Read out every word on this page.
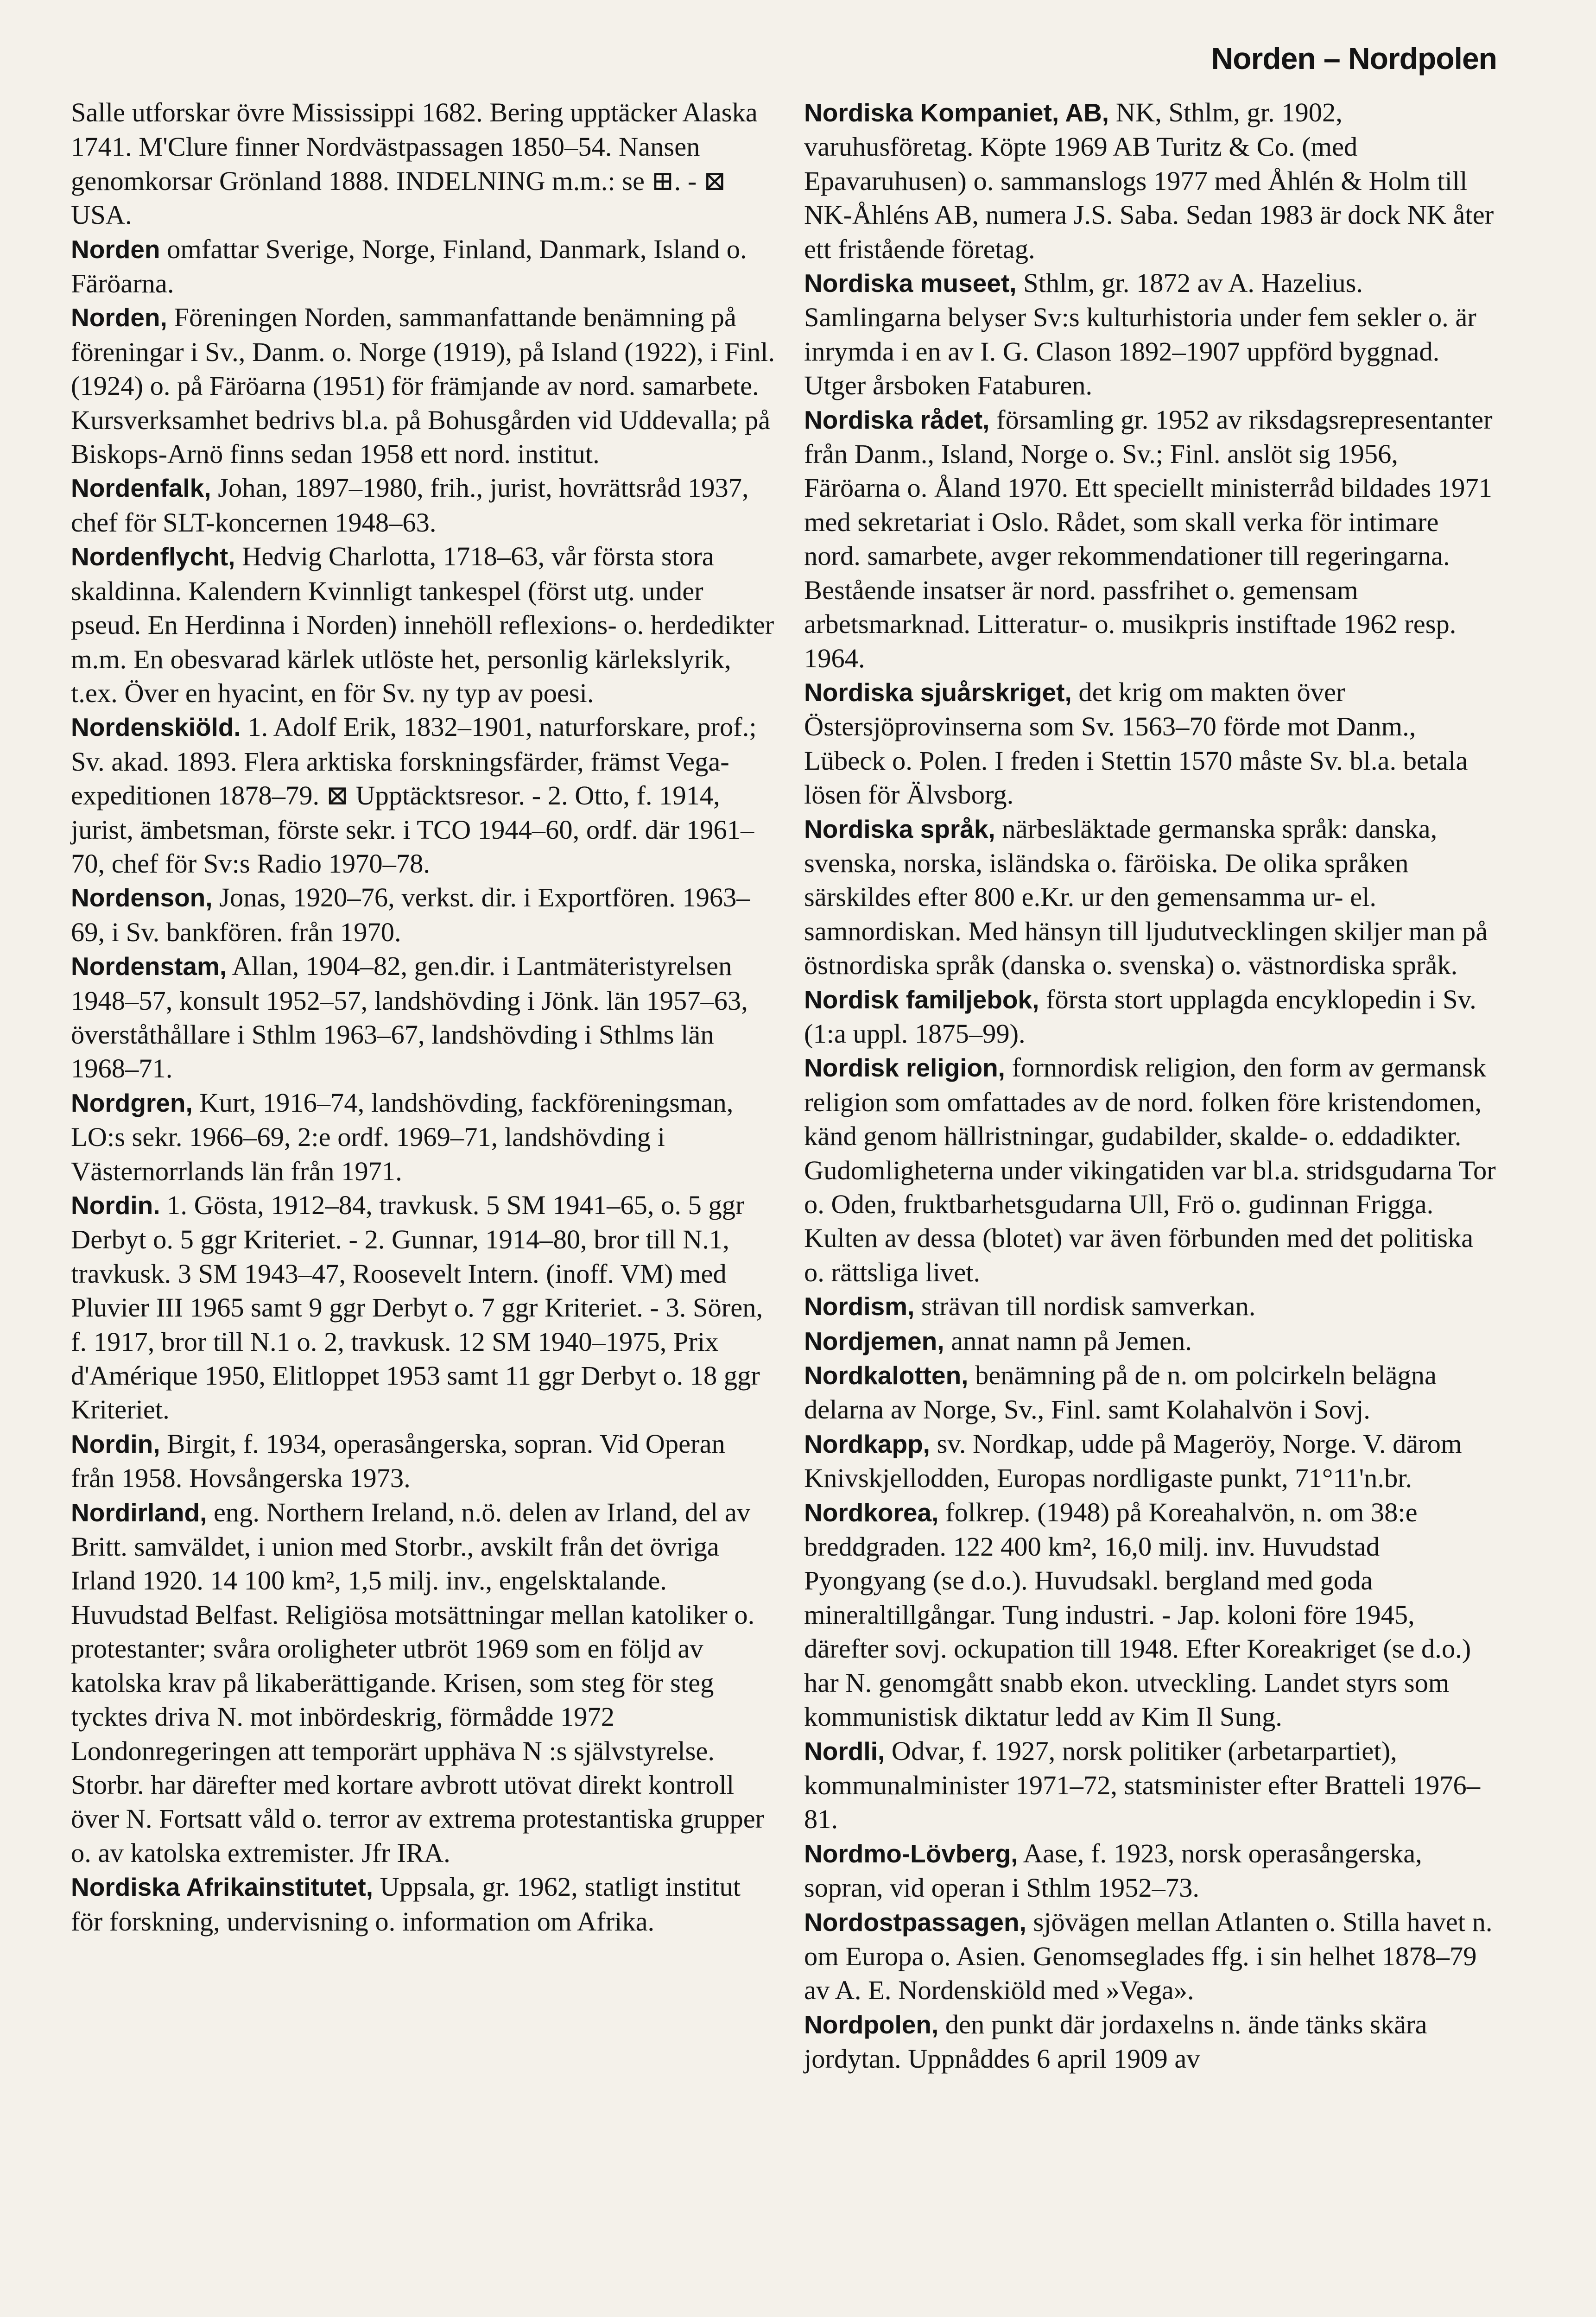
Norden – Nordpolen

Salle utforskar övre Mississippi 1682. Bering upptäcker Alaska 1741. M'Clure finner Nordvästpassagen 1850–54. Nansen genomkorsar Grönland 1888. INDELNING m.m.: se ⊞. - ⊠ USA.

Norden omfattar Sverige, Norge, Finland, Danmark, Island o. Färöarna.

Norden, Föreningen Norden, sammanfattande benämning på föreningar i Sv., Danm. o. Norge (1919), på Island (1922), i Finl. (1924) o. på Färöarna (1951) för främjande av nord. samarbete. Kursverksamhet bedrivs bl.a. på Bohusgården vid Uddevalla; på Biskops-Arnö finns sedan 1958 ett nord. institut.

Nordenfalk, Johan, 1897–1980, frih., jurist, hovrättsråd 1937, chef för SLT-koncernen 1948–63.

Nordenflycht, Hedvig Charlotta, 1718–63, vår första stora skaldinna. Kalendern Kvinnligt tankespel (först utg. under pseud. En Herdinna i Norden) innehöll reflexions- o. herdedikter m.m. En obesvarad kärlek utlöste het, personlig kärlekslyrik, t.ex. Över en hyacint, en för Sv. ny typ av poesi.

Nordenskiöld. 1. Adolf Erik, 1832–1901, naturforskare, prof.; Sv. akad. 1893. Flera arktiska forskningsfärder, främst Vega-expeditionen 1878–79. ⊠ Upptäcktsresor. - 2. Otto, f. 1914, jurist, ämbetsman, förste sekr. i TCO 1944–60, ordf. där 1961–70, chef för Sv:s Radio 1970–78.

Nordenson, Jonas, 1920–76, verkst. dir. i Exportfören. 1963–69, i Sv. bankfören. från 1970.

Nordenstam, Allan, 1904–82, gen.dir. i Lantmäteristyrelsen 1948–57, konsult 1952–57, landshövding i Jönk. län 1957–63, överståthållare i Sthlm 1963–67, landshövding i Sthlms län 1968–71.

Nordgren, Kurt, 1916–74, landshövding, fackföreningsman, LO:s sekr. 1966–69, 2:e ordf. 1969–71, landshövding i Västernorrlands län från 1971.

Nordin. 1. Gösta, 1912–84, travkusk. 5 SM 1941–65, o. 5 ggr Derbyt o. 5 ggr Kriteriet. - 2. Gunnar, 1914–80, bror till N.1, travkusk. 3 SM 1943–47, Roosevelt Intern. (inoff. VM) med Pluvier III 1965 samt 9 ggr Derbyt o. 7 ggr Kriteriet. - 3. Sören, f. 1917, bror till N.1 o. 2, travkusk. 12 SM 1940–1975, Prix d'Amérique 1950, Elitloppet 1953 samt 11 ggr Derbyt o. 18 ggr Kriteriet.

Nordin, Birgit, f. 1934, operasångerska, sopran. Vid Operan från 1958. Hovsångerska 1973.

Nordirland, eng. Northern Ireland, n.ö. delen av Irland, del av Britt. samväldet, i union med Storbr., avskilt från det övriga Irland 1920. 14 100 km², 1,5 milj. inv., engelsktalande. Huvudstad Belfast. Religiösa motsättningar mellan katoliker o. protestanter; svåra oroligheter utbröt 1969 som en följd av katolska krav på likaberättigande. Krisen, som steg för steg tycktes driva N. mot inbördeskrig, förmådde 1972 Londonregeringen att temporärt upphäva N :s självstyrelse. Storbr. har därefter med kortare avbrott utövat direkt kontroll över N. Fortsatt våld o. terror av extrema protestantiska grupper o. av katolska extremister. Jfr IRA.

Nordiska Afrikainstitutet, Uppsala, gr. 1962, statligt institut för forskning, undervisning o. information om Afrika.

Nordiska Kompaniet, AB, NK, Sthlm, gr. 1902, varuhusföretag. Köpte 1969 AB Turitz & Co. (med Epavaruhusen) o. sammanslogs 1977 med Åhlén & Holm till NK-Åhléns AB, numera J.S. Saba. Sedan 1983 är dock NK åter ett fristående företag.

Nordiska museet, Sthlm, gr. 1872 av A. Hazelius. Samlingarna belyser Sv:s kulturhistoria under fem sekler o. är inrymda i en av I. G. Clason 1892–1907 uppförd byggnad. Utger årsboken Fataburen.

Nordiska rådet, församling gr. 1952 av riksdagsrepresentanter från Danm., Island, Norge o. Sv.; Finl. anslöt sig 1956, Färöarna o. Åland 1970. Ett speciellt ministerråd bildades 1971 med sekretariat i Oslo. Rådet, som skall verka för intimare nord. samarbete, avger rekommendationer till regeringarna. Bestående insatser är nord. passfrihet o. gemensam arbetsmarknad. Litteratur- o. musikpris instiftade 1962 resp. 1964.

Nordiska sjuårskriget, det krig om makten över Östersjöprovinserna som Sv. 1563–70 förde mot Danm., Lübeck o. Polen. I freden i Stettin 1570 måste Sv. bl.a. betala lösen för Älvsborg.

Nordiska språk, närbesläktade germanska språk: danska, svenska, norska, isländska o. färöiska. De olika språken särskildes efter 800 e.Kr. ur den gemensamma ur- el. samnordiskan. Med hänsyn till ljudutvecklingen skiljer man på östnordiska språk (danska o. svenska) o. västnordiska språk.

Nordisk familjebok, första stort upplagda encyklopedin i Sv. (1:a uppl. 1875–99).

Nordisk religion, fornnordisk religion, den form av germansk religion som omfattades av de nord. folken före kristendomen, känd genom hällristningar, gudabilder, skalde- o. eddadikter. Gudomligheterna under vikingatiden var bl.a. stridsgudarna Tor o. Oden, fruktbarhetsgudarna Ull, Frö o. gudinnan Frigga. Kulten av dessa (blotet) var även förbunden med det politiska o. rättsliga livet.

Nordism, strävan till nordisk samverkan.

Nordjemen, annat namn på Jemen.

Nordkalotten, benämning på de n. om polcirkeln belägna delarna av Norge, Sv., Finl. samt Kolahalvön i Sovj.

Nordkapp, sv. Nordkap, udde på Mageröy, Norge. V. därom Knivskjellodden, Europas nordligaste punkt, 71°11'n.br.

Nordkorea, folkrep. (1948) på Koreahalvön, n. om 38:e breddgraden. 122 400 km², 16,0 milj. inv. Huvudstad Pyongyang (se d.o.). Huvudsakl. bergland med goda mineraltillgångar. Tung industri. - Jap. koloni före 1945, därefter sovj. ockupation till 1948. Efter Koreakriget (se d.o.) har N. genomgått snabb ekon. utveckling. Landet styrs som kommunistisk diktatur ledd av Kim Il Sung.

Nordli, Odvar, f. 1927, norsk politiker (arbetarpartiet), kommunalminister 1971–72, statsminister efter Bratteli 1976–81.

Nordmo-Lövberg, Aase, f. 1923, norsk operasångerska, sopran, vid operan i Sthlm 1952–73.

Nordostpassagen, sjövägen mellan Atlanten o. Stilla havet n. om Europa o. Asien. Genomseglades ffg. i sin helhet 1878–79 av A. E. Nordenskiöld med »Vega».

Nordpolen, den punkt där jordaxelns n. ände tänks skära jordytan. Uppnåddes 6 april 1909 av
